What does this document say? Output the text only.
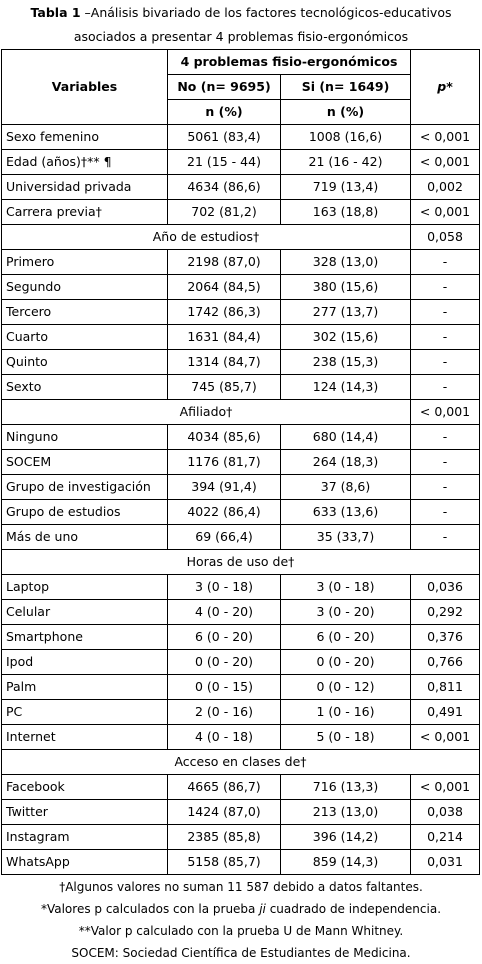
Tabla 1 –Análisis bivariado de los factores tecnológicos-educativos
asociados a presentar 4 problemas fisio-ergonómicos
Variables	4 problemas fisio-ergonómicos		p*
	No (n= 9695)	Si (n= 1649)	
	n (%)	n (%)	
Sexo femenino	5061 (83,4)	1008 (16,6)	< 0,001
Edad (años)†** ¶	21 (15 - 44)	21 (16 - 42)	< 0,001
Universidad privada	4634 (86,6)	719 (13,4)	0,002
Carrera previa†	702 (81,2)	163 (18,8)	< 0,001
Año de estudios†			0,058
Primero	2198 (87,0)	328 (13,0)	-
Segundo	2064 (84,5)	380 (15,6)	-
Tercero	1742 (86,3)	277 (13,7)	-
Cuarto	1631 (84,4)	302 (15,6)	-
Quinto	1314 (84,7)	238 (15,3)	-
Sexto	745 (85,7)	124 (14,3)	-
Afiliado†			< 0,001
Ninguno	4034 (85,6)	680 (14,4)	-
SOCEM	1176 (81,7)	264 (18,3)	-
Grupo de investigación	394 (91,4)	37 (8,6)	-
Grupo de estudios	4022 (86,4)	633 (13,6)	-
Más de uno	69 (66,4)	35 (33,7)	-
Horas de uso de†			
Laptop	3 (0 - 18)	3 (0 - 18)	0,036
Celular	4 (0 - 20)	3 (0 - 20)	0,292
Smartphone	6 (0 - 20)	6 (0 - 20)	0,376
Ipod	0 (0 - 20)	0 (0 - 20)	0,766
Palm	0 (0 - 15)	0 (0 - 12)	0,811
PC	2 (0 - 16)	1 (0 - 16)	0,491
Internet	4 (0 - 18)	5 (0 - 18)	< 0,001
Acceso en clases de†			
Facebook	4665 (86,7)	716 (13,3)	< 0,001
Twitter	1424 (87,0)	213 (13,0)	0,038
Instagram	2385 (85,8)	396 (14,2)	0,214
WhatsApp	5158 (85,7)	859 (14,3)	0,031
†Algunos valores no suman 11 587 debido a datos faltantes.
*Valores p calculados con la prueba ji cuadrado de independencia.
**Valor p calculado con la prueba U de Mann Whitney.
SOCEM: Sociedad Científica de Estudiantes de Medicina.
